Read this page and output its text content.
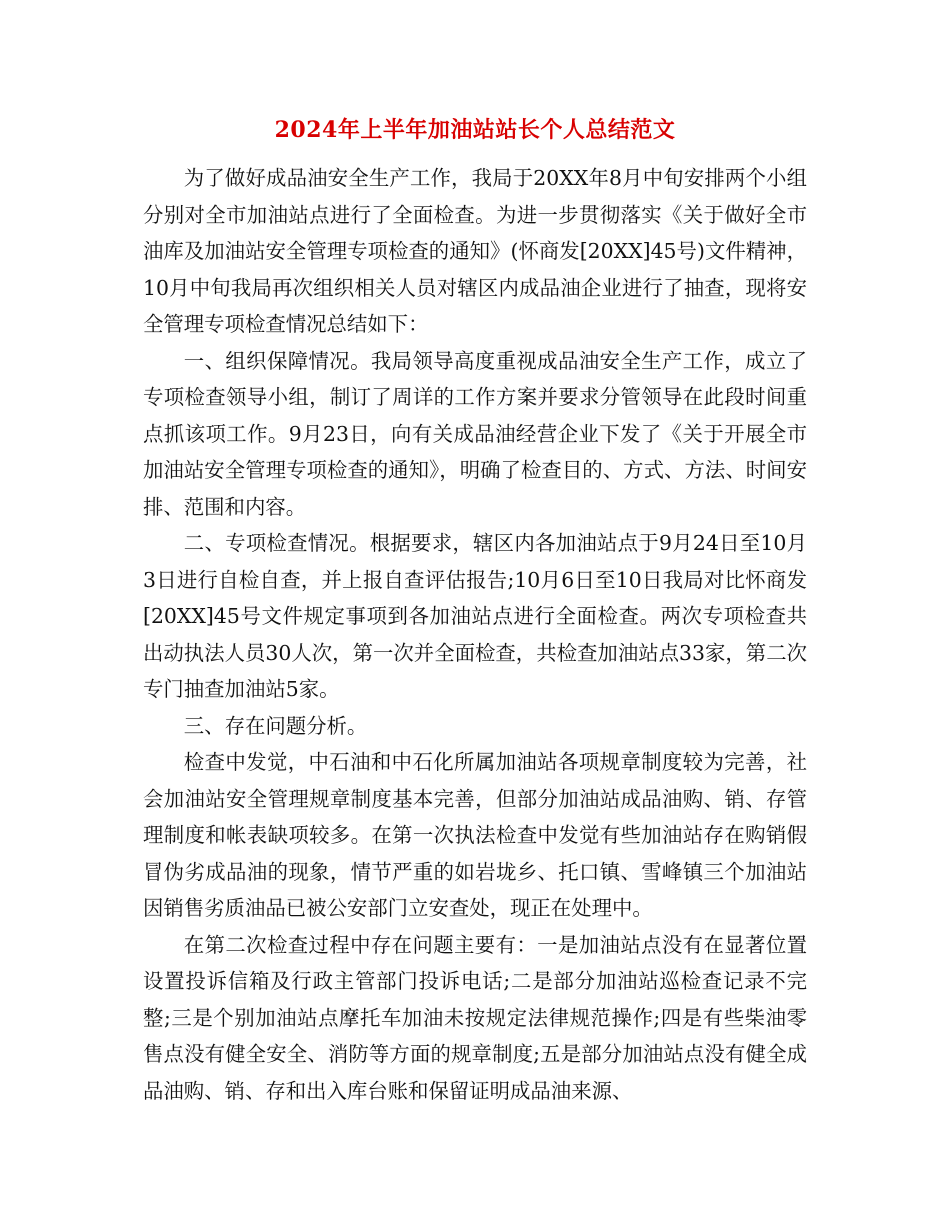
2024年上半年加油站站长个人总结范文

为了做好成品油安全生产工作，我局于20XX年8月中旬安排两个小组分别对全市加油站点进行了全面检查。为进一步贯彻落实《关于做好全市油库及加油站安全管理专项检查的通知》(怀商发[20XX]45号)文件精神，10月中旬我局再次组织相关人员对辖区内成品油企业进行了抽查，现将安全管理专项检查情况总结如下：

一、组织保障情况。我局领导高度重视成品油安全生产工作，成立了专项检查领导小组，制订了周详的工作方案并要求分管领导在此段时间重点抓该项工作。9月23日，向有关成品油经营企业下发了《关于开展全市加油站安全管理专项检查的通知》，明确了检查目的、方式、方法、时间安排、范围和内容。

二、专项检查情况。根据要求，辖区内各加油站点于9月24日至10月3日进行自检自查，并上报自查评估报告;10月6日至10日我局对比怀商发[20XX]45号文件规定事项到各加油站点进行全面检查。两次专项检查共出动执法人员30人次，第一次并全面检查，共检查加油站点33家，第二次专门抽查加油站5家。

三、存在问题分析。

检查中发觉，中石油和中石化所属加油站各项规章制度较为完善，社会加油站安全管理规章制度基本完善，但部分加油站成品油购、销、存管理制度和帐表缺项较多。在第一次执法检查中发觉有些加油站存在购销假冒伪劣成品油的现象，情节严重的如岩垅乡、托口镇、雪峰镇三个加油站因销售劣质油品已被公安部门立安查处，现正在处理中。

在第二次检查过程中存在问题主要有：一是加油站点没有在显著位置设置投诉信箱及行政主管部门投诉电话;二是部分加油站巡检查记录不完整;三是个别加油站点摩托车加油未按规定法律规范操作;四是有些柴油零售点没有健全安全、消防等方面的规章制度;五是部分加油站点没有健全成品油购、销、存和出入库台账和保留证明成品油来源、
